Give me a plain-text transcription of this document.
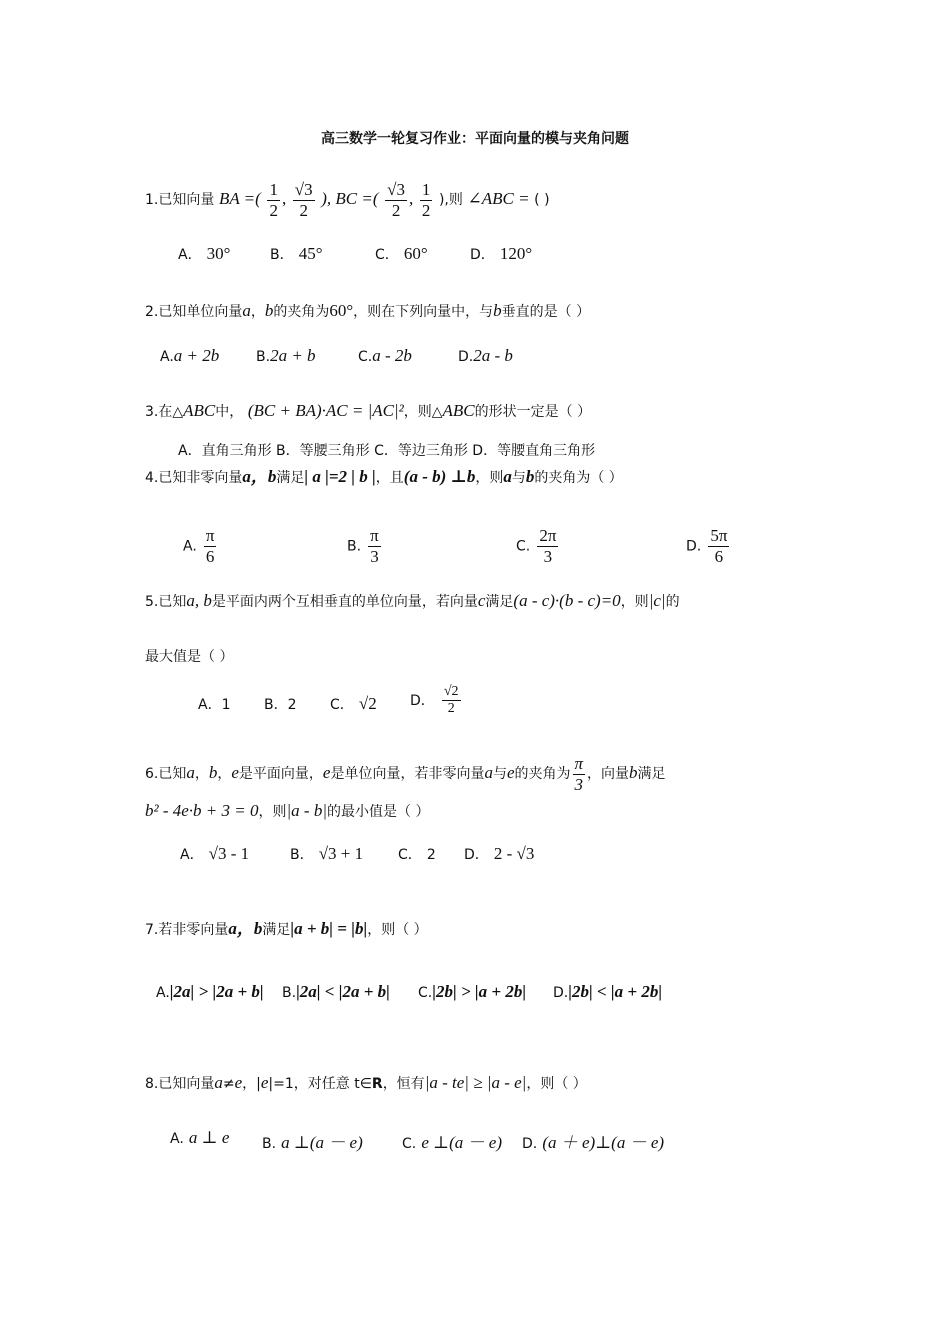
高三数学一轮复习作业：平面向量的模与夹角问题
1.已知向量 BA =( $\frac{1}{2}$ , $\frac{√3}{2}$ ), BC =( $\frac{√3}{2}$ , $\frac{1}{2}$ ),则 ∠ABC = ( )
A． 30°	B． 45°	C． 60°	D． 120°
2.已知单位向量a，b的夹角为60°，则在下列向量中，与b垂直的是（ ）
A.a + 2b	B.2a + b	C.a - 2b	D.2a - b
3.在△ABC中， (BC + BA)·AC = |AC|²，则△ABC的形状一定是（ ）
A．直角三角形 B．等腰三角形 C．等边三角形 D．等腰直角三角形
4.已知非零向量a，b满足| a |=2 | b |，且(a - b) ⊥b，则a与b的夹角为（ ）
A. $\frac{\pi}{6}$	B. $\frac{\pi}{3}$	C. $\frac{2\pi}{3}$	D. $\frac{5\pi}{6}$
5.已知a, b是平面内两个互相垂直的单位向量，若向量c满足(a - c)·(b - c)=0，则|c|的
最大值是（ ）
A．1 B．2 C． √2 D． $\frac{√2}{2}$
6.已知a，b，e是平面向量，e是单位向量，若非零向量a与e的夹角为 $\frac{\pi}{3}$ ，向量b满足
b² - 4e·b + 3 = 0，则|a - b|的最小值是（ ）
A． √3 - 1	B． √3 + 1 C． 2 D． 2 - √3
7.若非零向量a，b满足|a + b| = |b|，则（ ）
A.|2a| > |2a + b| B.|2a| < |2a + b| C.|2b| > |a + 2b| D.|2b| < |a + 2b|
8.已知向量a≠e，|e|=1，对任意 t∈R，恒有|a - te| ≥ |a - e|，则（ ）
A. a ⊥ e B. a ⊥(a － e)	C. e ⊥(a － e) D. (a ＋ e)⊥(a － e)
